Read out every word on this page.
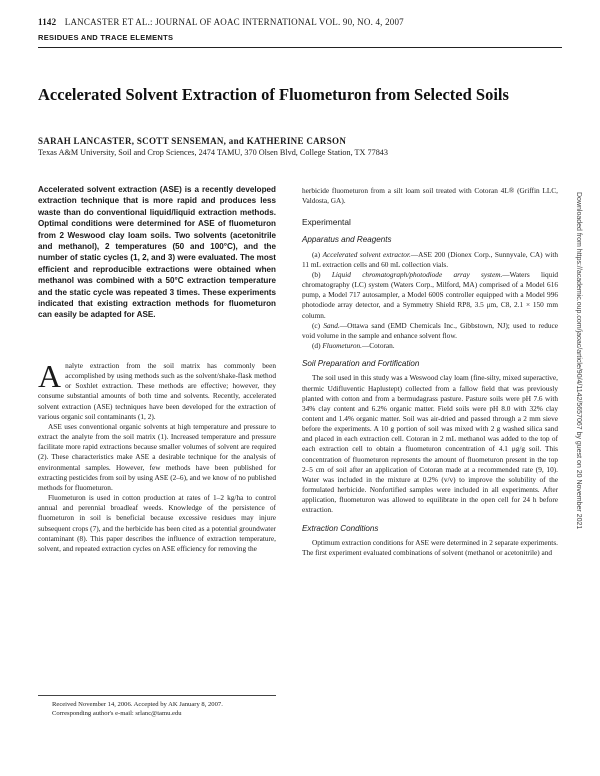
1142 LANCASTER ET AL.: JOURNAL OF AOAC INTERNATIONAL VOL. 90, NO. 4, 2007
RESIDUES AND TRACE ELEMENTS
Accelerated Solvent Extraction of Fluometuron from Selected Soils
SARAH LANCASTER, SCOTT SENSEMAN, and KATHERINE CARSON
Texas A&M University, Soil and Crop Sciences, 2474 TAMU, 370 Olsen Blvd, College Station, TX 77843
Accelerated solvent extraction (ASE) is a recently developed extraction technique that is more rapid and produces less waste than do conventional liquid/liquid extraction methods. Optimal conditions were determined for ASE of fluometuron from 2 Weswood clay loam soils. Two solvents (acetonitrile and methanol), 2 temperatures (50 and 100°C), and the number of static cycles (1, 2, and 3) were evaluated. The most efficient and reproducible extractions were obtained when methanol was combined with a 50°C extraction temperature and the static cycle was repeated 3 times. These experiments indicated that existing extraction methods for fluometuron can easily be adapted for ASE.

Analyte extraction from the soil matrix has commonly been accomplished by using methods such as the solvent/shake-flask method or Soxhlet extraction. These methods are effective; however, they consume substantial amounts of both time and solvents. Recently, accelerated solvent extraction (ASE) techniques have been developed for the extraction of various organic soil contaminants (1, 2).

ASE uses conventional organic solvents at high temperature and pressure to extract the analyte from the soil matrix (1). Increased temperature and pressure facilitate more rapid extractions because smaller volumes of solvent are required (2). These characteristics make ASE a desirable technique for the analysis of environmental samples. However, few methods have been published for extracting pesticides from soil by using ASE (2–6), and we know of no published methods for fluometuron.

Fluometuron is used in cotton production at rates of 1–2 kg/ha to control annual and perennial broadleaf weeds. Knowledge of the persistence of fluometuron in soil is beneficial because excessive residues may injure subsequent crops (7), and the herbicide has been cited as a potential groundwater contaminant (8). This paper describes the influence of extraction temperature, solvent, and repeated extraction cycles on ASE efficiency for removing the

Received November 14, 2006. Accepted by AK January 8, 2007.
Corresponding author's e-mail: srlanc@tamu.edu

herbicide fluometuron from a silt loam soil treated with Cotoran 4L® (Griffin LLC, Valdosta, GA).

Experimental
Apparatus and Reagents

(a) Accelerated solvent extractor.—ASE 200 (Dionex Corp., Sunnyvale, CA) with 11 mL extraction cells and 60 mL collection vials.

(b) Liquid chromatograph/photodiode array system.—Waters liquid chromatography (LC) system (Waters Corp., Milford, MA) comprised of a Model 616 pump, a Model 717 autosampler, a Model 600S controller equipped with a Model 996 photodiode array detector, and a Symmetry Shield RP8, 3.5 μm, C8, 2.1 × 150 mm column.

(c) Sand.—Ottawa sand (EMD Chemicals Inc., Gibbstown, NJ); used to reduce void volume in the sample and enhance solvent flow.

(d) Fluometuron.—Cotoran.

Soil Preparation and Fortification

The soil used in this study was a Weswood clay loam (fine-silty, mixed superactive, thermic Udifluventic Haplustept) collected from a fallow field that was previously planted with cotton and from a bermudagrass pasture. Pasture soils were pH 7.6 with 34% clay content and 6.2% organic matter. Field soils were pH 8.0 with 32% clay content and 1.4% organic matter. Soil was air-dried and passed through a 2 mm sieve before the experiments. A 10 g portion of soil was mixed with 2 g washed silica sand and placed in each extraction cell. Cotoran in 2 mL methanol was added to the top of each extraction cell to obtain a fluometuron concentration of 4.1 μg/g soil. This concentration of fluometuron represents the amount of fluometuron present in the top 2–5 cm of soil after an application of Cotoran made at a recommended rate (9, 10). Water was included in the mixture at 0.2% (v/v) to improve the solubility of the formulated herbicide. Nonfortified samples were included in all experiments. After application, fluometuron was allowed to equilibrate in the open cell for 24 h before extraction.

Extraction Conditions

Optimum extraction conditions for ASE were determined in 2 separate experiments. The first experiment evaluated combinations of solvent (methanol or acetonitrile) and

Downloaded from https://academic.oup.com/jaoac/article/90/4/1142/5657067 by guest on 20 November 2021
